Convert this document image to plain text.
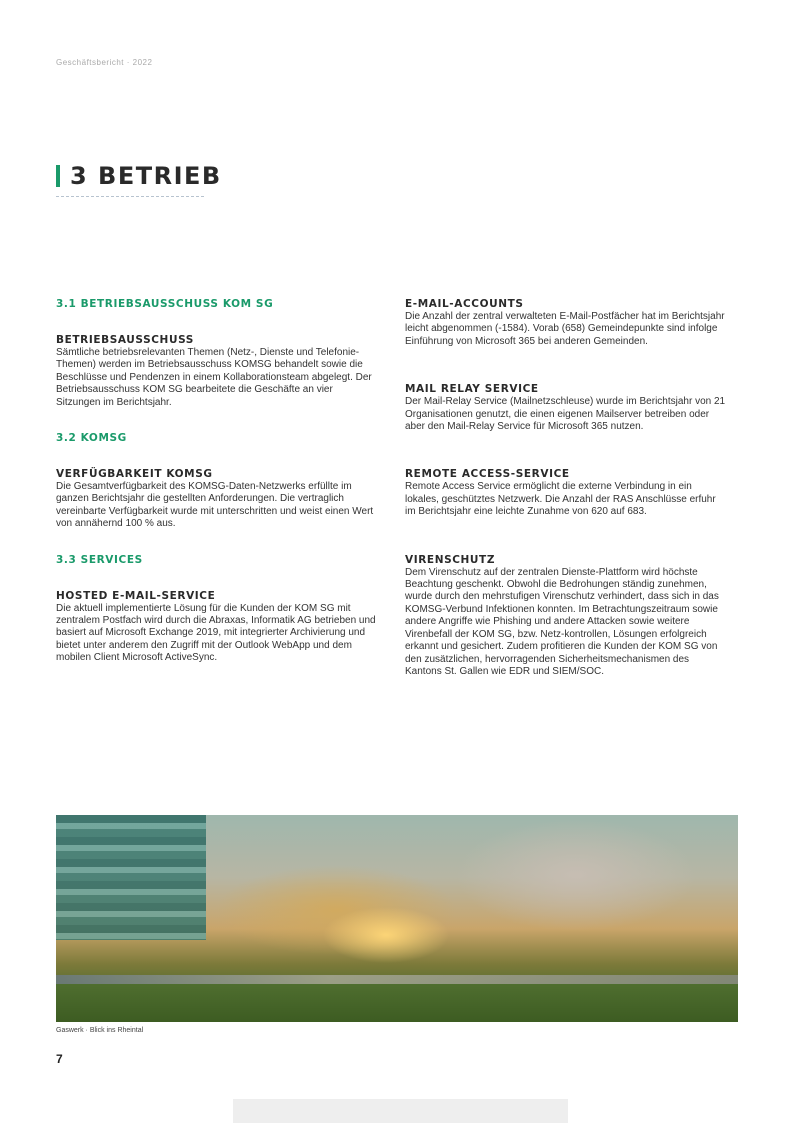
Geschäftsbericht · 2022
3 BETRIEB
3.1 BETRIEBSAUSSCHUSS KOM SG
BETRIEBSAUSSCHUSS

Sämtliche betriebsrelevanten Themen (Netz-, Dienste und Telefonie-Themen) werden im Betriebsausschuss KOMSG behandelt sowie die Beschlüsse und Pendenzen in einem Kollaborationsteam abgelegt. Der Betriebsausschuss KOM SG bearbeitete die Geschäfte an vier Sitzungen im Berichtsjahr.

3.2 KOMSG
VERFÜGBARKEIT KOMSG

Die Gesamtverfügbarkeit des KOMSG-Daten-Netzwerks erfüllte im ganzen Berichtsjahr die gestellten Anforderungen. Die vertraglich vereinbarte Verfügbarkeit wurde mit unterschritten und weist einen Wert von annähernd 100 % aus.

3.3 SERVICES
HOSTED E-MAIL-SERVICE

Die aktuell implementierte Lösung für die Kunden der KOM SG mit zentralem Postfach wird durch die Abraxas, Informatik AG betrieben und basiert auf Microsoft Exchange 2019, mit integrierter Archivierung und bietet unter anderem den Zugriff mit der Outlook WebApp und dem mobilen Client Microsoft ActiveSync.

E-MAIL-ACCOUNTS

Die Anzahl der zentral verwalteten E-Mail-Postfächer hat im Berichtsjahr leicht abgenommen (-1584). Vorab (658) Gemeindepunkte sind infolge Einführung von Microsoft 365 bei anderen Gemeinden.

MAIL RELAY SERVICE

Der Mail-Relay Service (Mailnetzschleuse) wurde im Berichtsjahr von 21 Organisationen genutzt, die einen eigenen Mailserver betreiben oder aber den Mail-Relay Service für Microsoft 365 nutzen.

REMOTE ACCESS-SERVICE

Remote Access Service ermöglicht die externe Verbindung in ein lokales, geschütztes Netzwerk. Die Anzahl der RAS Anschlüsse erfuhr im Berichtsjahr eine leichte Zunahme von 620 auf 683.

VIRENSCHUTZ

Dem Virenschutz auf der zentralen Dienste-Plattform wird höchste Beachtung geschenkt. Obwohl die Bedrohungen ständig zunehmen, wurde durch den mehrstufigen Virenschutz verhindert, dass sich in das KOMSG-Verbund Infektionen konnten. Im Betrachtungszeitraum sowie andere Angriffe wie Phishing und andere Attacken sowie weitere Virenbefall der KOM SG, bzw. Netz-kontrollen, Lösungen erfolgreich erkannt und gesichert. Zudem profitieren die Kunden der KOM SG von den zusätzlichen, hervorragenden Sicherheitsmechanismen des Kantons St. Gallen wie EDR und SIEM/SOC.

Gaswerk · Blick ins Rheintal
7
